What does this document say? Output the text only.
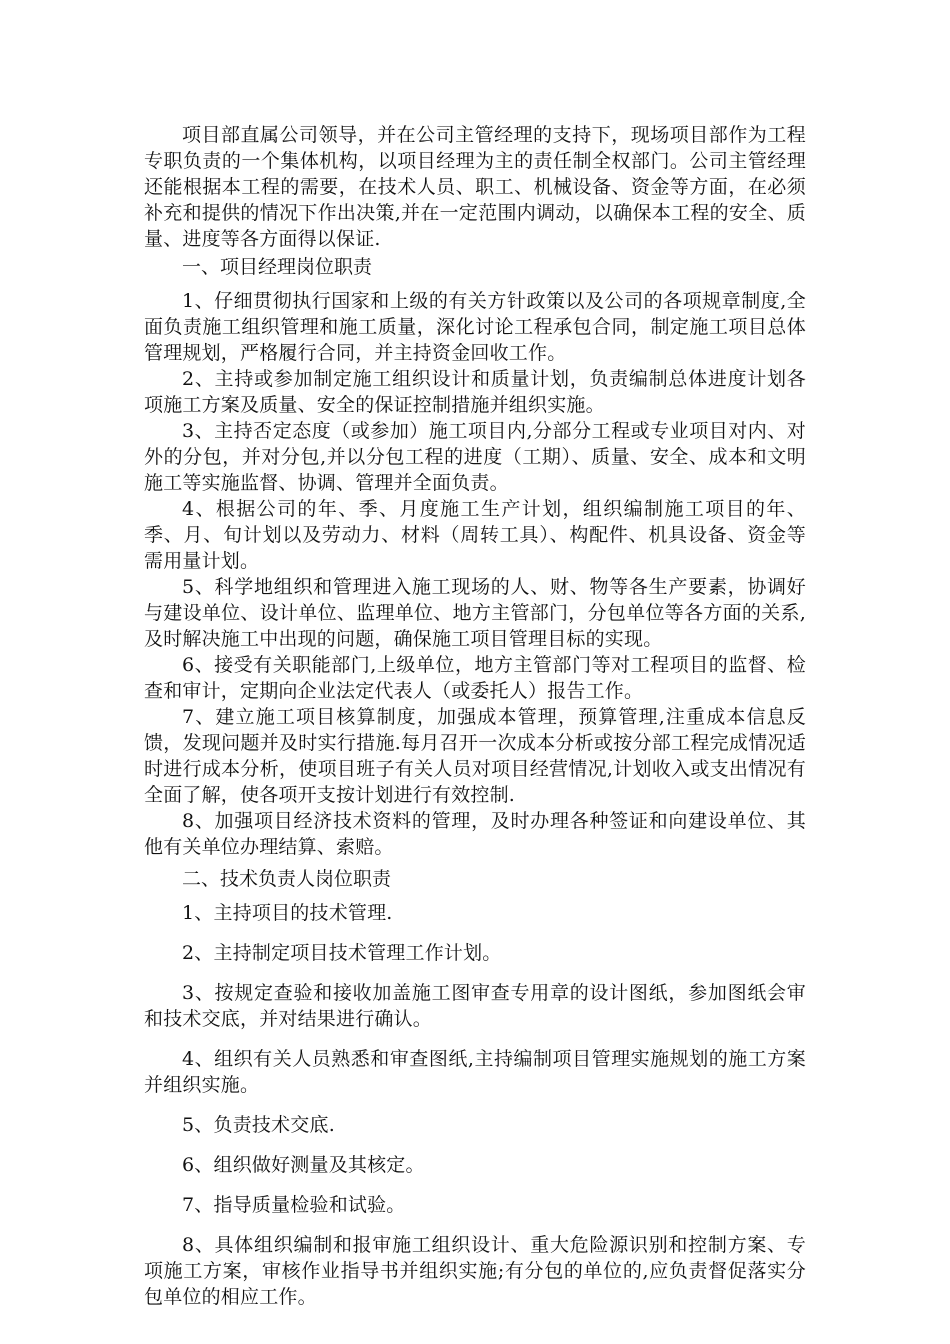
项目部直属公司领导，并在公司主管经理的支持下，现场项目部作为工程专职负责的一个集体机构，以项目经理为主的责任制全权部门。公司主管经理还能根据本工程的需要，在技术人员、职工、机械设备、资金等方面，在必须补充和提供的情况下作出决策,并在一定范围内调动，以确保本工程的安全、质量、进度等各方面得以保证.

一、项目经理岗位职责

1、仔细贯彻执行国家和上级的有关方针政策以及公司的各项规章制度,全面负责施工组织管理和施工质量，深化讨论工程承包合同，制定施工项目总体管理规划，严格履行合同，并主持资金回收工作。

2、主持或参加制定施工组织设计和质量计划，负责编制总体进度计划各项施工方案及质量、安全的保证控制措施并组织实施。

3、主持否定态度（或参加）施工项目内,分部分工程或专业项目对内、对外的分包，并对分包,并以分包工程的进度（工期）、质量、安全、成本和文明施工等实施监督、协调、管理并全面负责。

4、根据公司的年、季、月度施工生产计划，组织编制施工项目的年、季、月、旬计划以及劳动力、材料（周转工具）、构配件、机具设备、资金等需用量计划。

5、科学地组织和管理进入施工现场的人、财、物等各生产要素，协调好与建设单位、设计单位、监理单位、地方主管部门，分包单位等各方面的关系,及时解决施工中出现的问题，确保施工项目管理目标的实现。

6、接受有关职能部门,上级单位，地方主管部门等对工程项目的监督、检查和审计，定期向企业法定代表人（或委托人）报告工作。

7、建立施工项目核算制度，加强成本管理，预算管理,注重成本信息反馈，发现问题并及时实行措施.每月召开一次成本分析或按分部工程完成情况适时进行成本分析，使项目班子有关人员对项目经营情况,计划收入或支出情况有全面了解，使各项开支按计划进行有效控制.

8、加强项目经济技术资料的管理，及时办理各种签证和向建设单位、其他有关单位办理结算、索赔。

二、技术负责人岗位职责

1、主持项目的技术管理.

2、主持制定项目技术管理工作计划。

3、按规定查验和接收加盖施工图审查专用章的设计图纸，参加图纸会审和技术交底，并对结果进行确认。

4、组织有关人员熟悉和审查图纸,主持编制项目管理实施规划的施工方案并组织实施。

5、负责技术交底.

6、组织做好测量及其核定。

7、指导质量检验和试验。

8、具体组织编制和报审施工组织设计、重大危险源识别和控制方案、专项施工方案，审核作业指导书并组织实施;有分包的单位的,应负责督促落实分包单位的相应工作。
